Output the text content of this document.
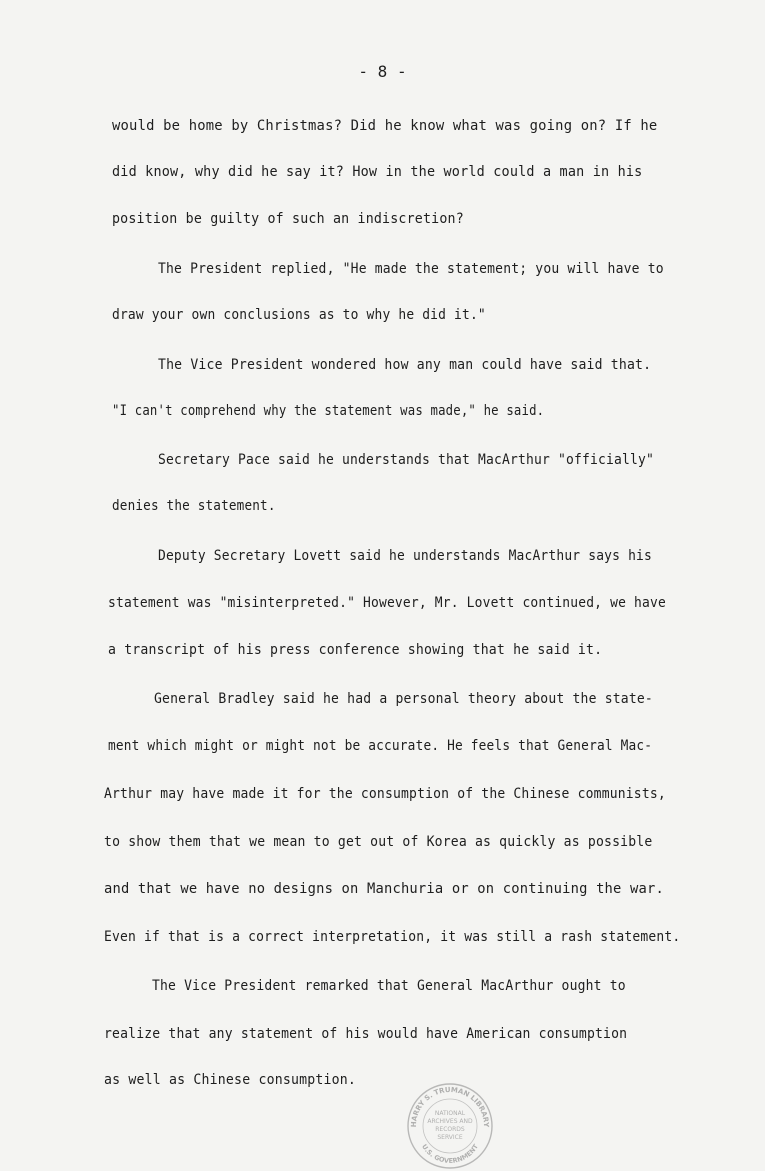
- 8 -
would be home by Christmas? Did he know what was going on? If he
did know, why did he say it? How in the world could a man in his
position be guilty of such an indiscretion?
The President replied, "He made the statement; you will have to
draw your own conclusions as to why he did it."
The Vice President wondered how any man could have said that.
"I can't comprehend why the statement was made," he said.
Secretary Pace said he understands that MacArthur "officially"
denies the statement.
Deputy Secretary Lovett said he understands MacArthur says his
statement was "misinterpreted." However, Mr. Lovett continued, we have
a transcript of his press conference showing that he said it.
General Bradley said he had a personal theory about the state-
ment which might or might not be accurate. He feels that General Mac-
Arthur may have made it for the consumption of the Chinese communists,
to show them that we mean to get out of Korea as quickly as possible
and that we have no designs on Manchuria or on continuing the war.
Even if that is a correct interpretation, it was still a rash statement.
The Vice President remarked that General MacArthur ought to
realize that any statement of his would have American consumption
as well as Chinese consumption.
HARRY S. TRUMAN LIBRARY
NATIONAL
ARCHIVES AND
RECORDS
SERVICE
U.S. GOVERNMENT
